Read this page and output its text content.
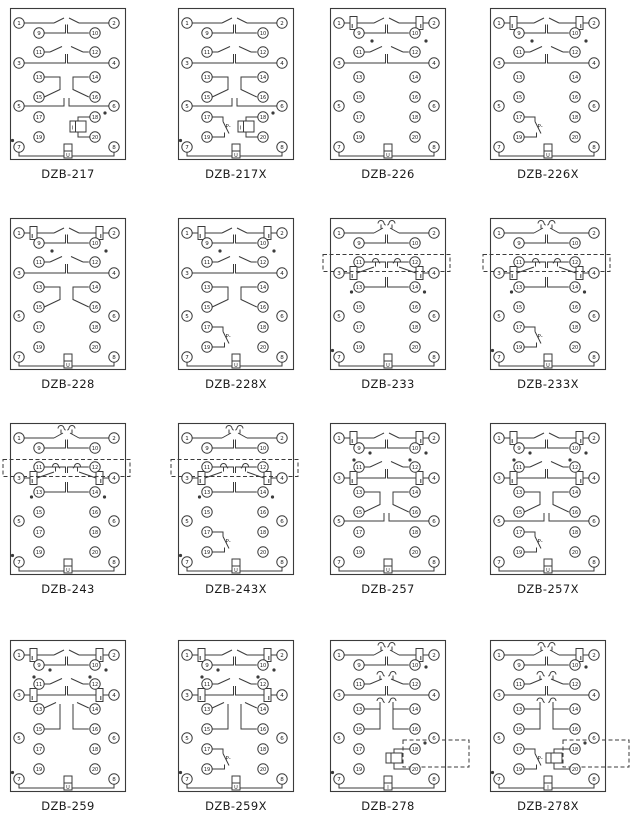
I
U
1	2
9	10
11	12
3	4
13	14
15	16
5	6
17	18
19	20
7	8
DZB-217
P- I
U
1	2
9	10
11	12
3	4
13	14
15	16
5	6
17	18
19	20
7	8
DZB-217X
U
1	2
9	10
11	12
3	4
13	14
15	16
5	6
17	18
19	20
7	8
DZB-226
P-
U
1	2
9	10
11	12
3	4
13	14
15	16
5	6
17	18
19	20
7	8
DZB-226X
U
1	2
9	10
11	12
3	4
13	14
15	16
5	6
17	18
19	20
7	8
DZB-228
P-
U
1	2
9	10
11	12
3	4
13	14
15	16
5	6
17	18
19	20
7	8
DZB-228X
U
1	2
9	10
11	12
3	4
13	14
15	16
5	6
17	18
19	20
7	8
DZB-233
P-
U
1	2
9	10
11	12
3	4
13	14
15	16
5	6
17	18
19	20
7	8
DZB-233X
U
1	2
9	10
11	12
3	4
13	14
15	16
5	6
17	18
19	20
7	8
DZB-243
P-
U
1	2
9	10
11	12
3	4
13	14
15	16
5	6
17	18
19	20
7	8
DZB-243X
U
1	2
9	10
11	12
3	4
13	14
15	16
5	6
17	18
19	20
7	8
DZB-257
P-
U
1	2
9	10
11	12
3	4
13	14
15	16
5	6
17	18
19	20
7	8
DZB-257X
U
1	2
9	10
11	12
3	4
13	14
15	16
5	6
17	18
19	20
7	8
DZB-259
P-
U
1	2
9	10
11	12
3	4
13	14
15	16
5	6
17	18
19	20
7	8
DZB-259X
I
1	2
9	10
11	12
3	4
13	14
15	16
5	6
17	18
19	20
7	8
DZB-278
P-
I
1	2
9	10
11	12
3	4
13	14
15	16
5	6
17	18
19	20
7	8
DZB-278X
